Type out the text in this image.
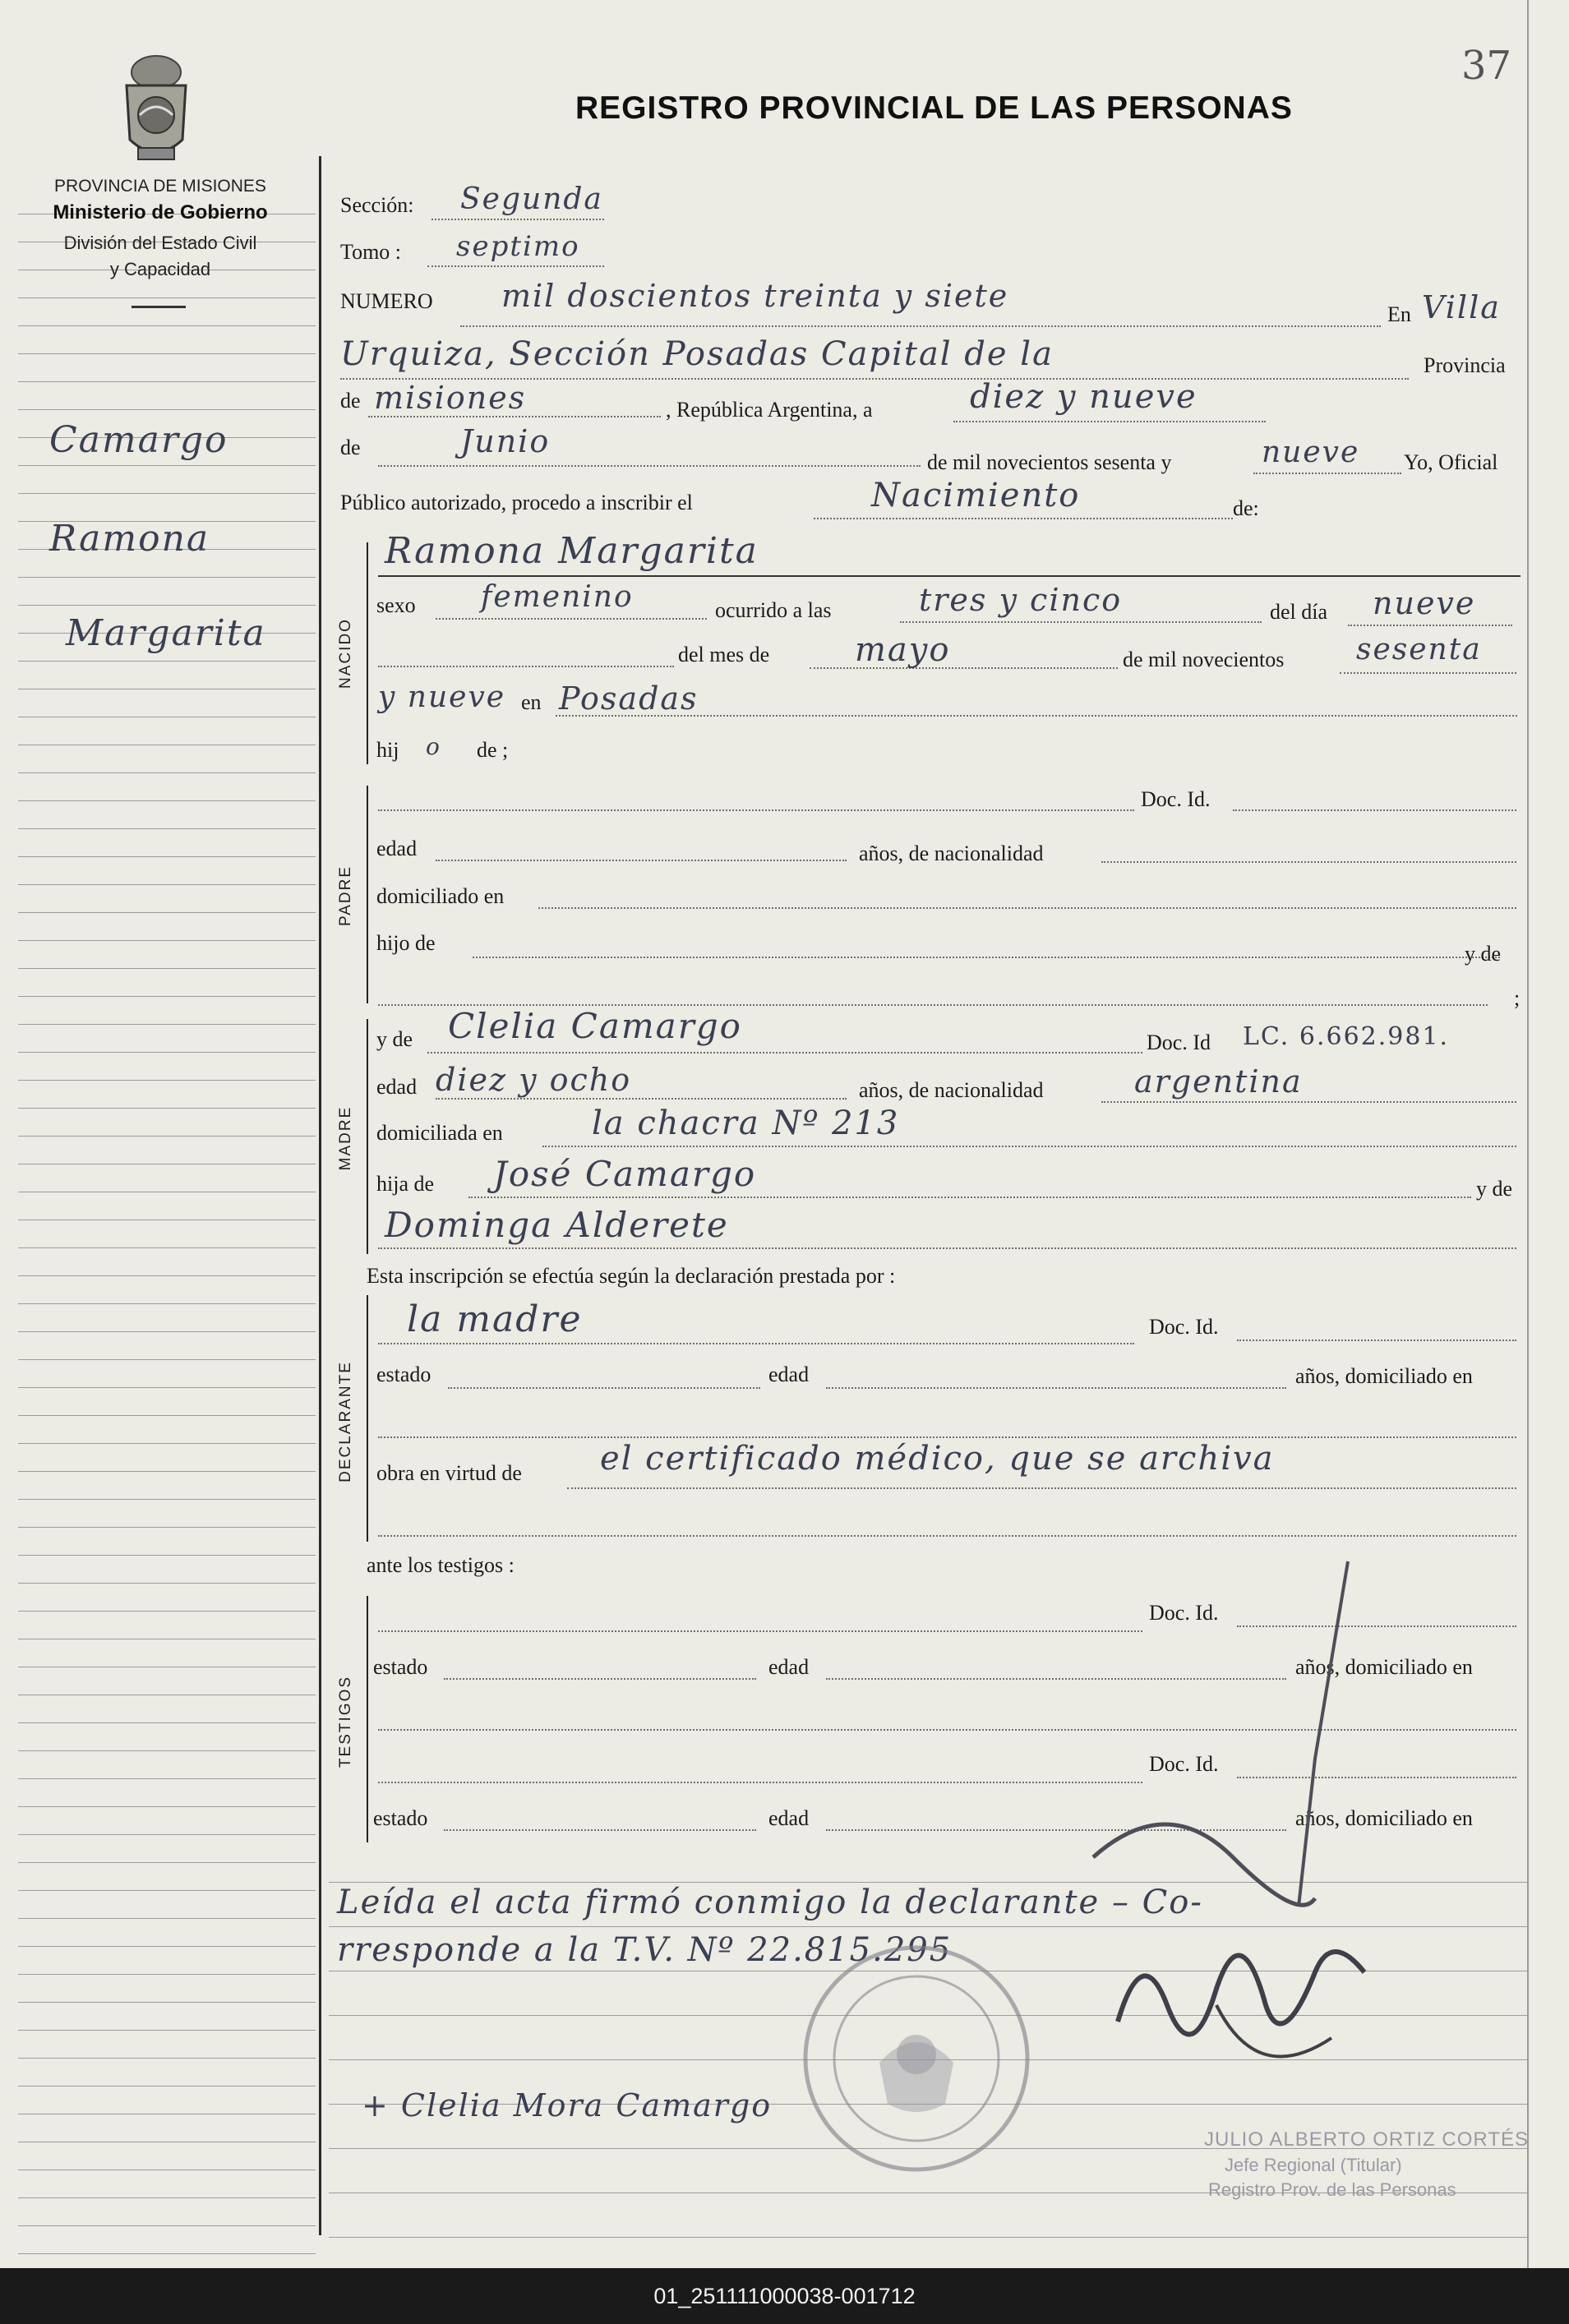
NACIDO
PADRE
MADRE
DECLARANTE
TESTIGOS
PROVINCIA DE MISIONES
Ministerio de Gobierno
División del Estado Civil
y Capacidad
REGISTRO PROVINCIAL DE LAS PERSONAS
37
Camargo
Ramona
Margarita
Sección: Segunda
Tomo : septimo
NUMERO mil doscientos treinta y siete
En Villa
Urquiza, Sección Posadas Capital de la	Provincia
de misiones	, República Argentina, a	diez y nueve
de	Junio
de mil novecientos sesenta y	nueve Yo, Oficial
Público autorizado, procedo a inscribir el	Nacimiento	de:
Ramona Margarita
sexo femenino	ocurrido a las	tres y cinco	del día nueve
del mes de	mayo	de mil novecientos sesenta
y nueve en Posadas
hij o de ;
Doc. Id.
edad	años, de nacionalidad
domiciliado en
hijo de	y de
;
y de Clelia Camargo	Doc. Id LC. 6.662.981.
edad diez y ocho	años, de nacionalidad	argentina
domiciliada en	la chacra Nº 213
hija de José Camargo	y de
Dominga Alderete
Esta inscripción se efectúa según la declaración prestada por :
la madre	Doc. Id.
estado	edad	años, domiciliado en
obra en virtud de el certificado médico, que se archiva
ante los testigos :
Doc. Id.
estado	edad	años, domiciliado en
Doc. Id.
estado	edad	años, domiciliado en
Leída el acta firmó conmigo la declarante – Co-
rresponde a la T.V. Nº 22.815.295
+ Clelia Mora Camargo
JULIO ALBERTO ORTIZ CORTÉS
Jefe Regional (Titular)
Registro Prov. de las Personas
01_251111000038-001712
